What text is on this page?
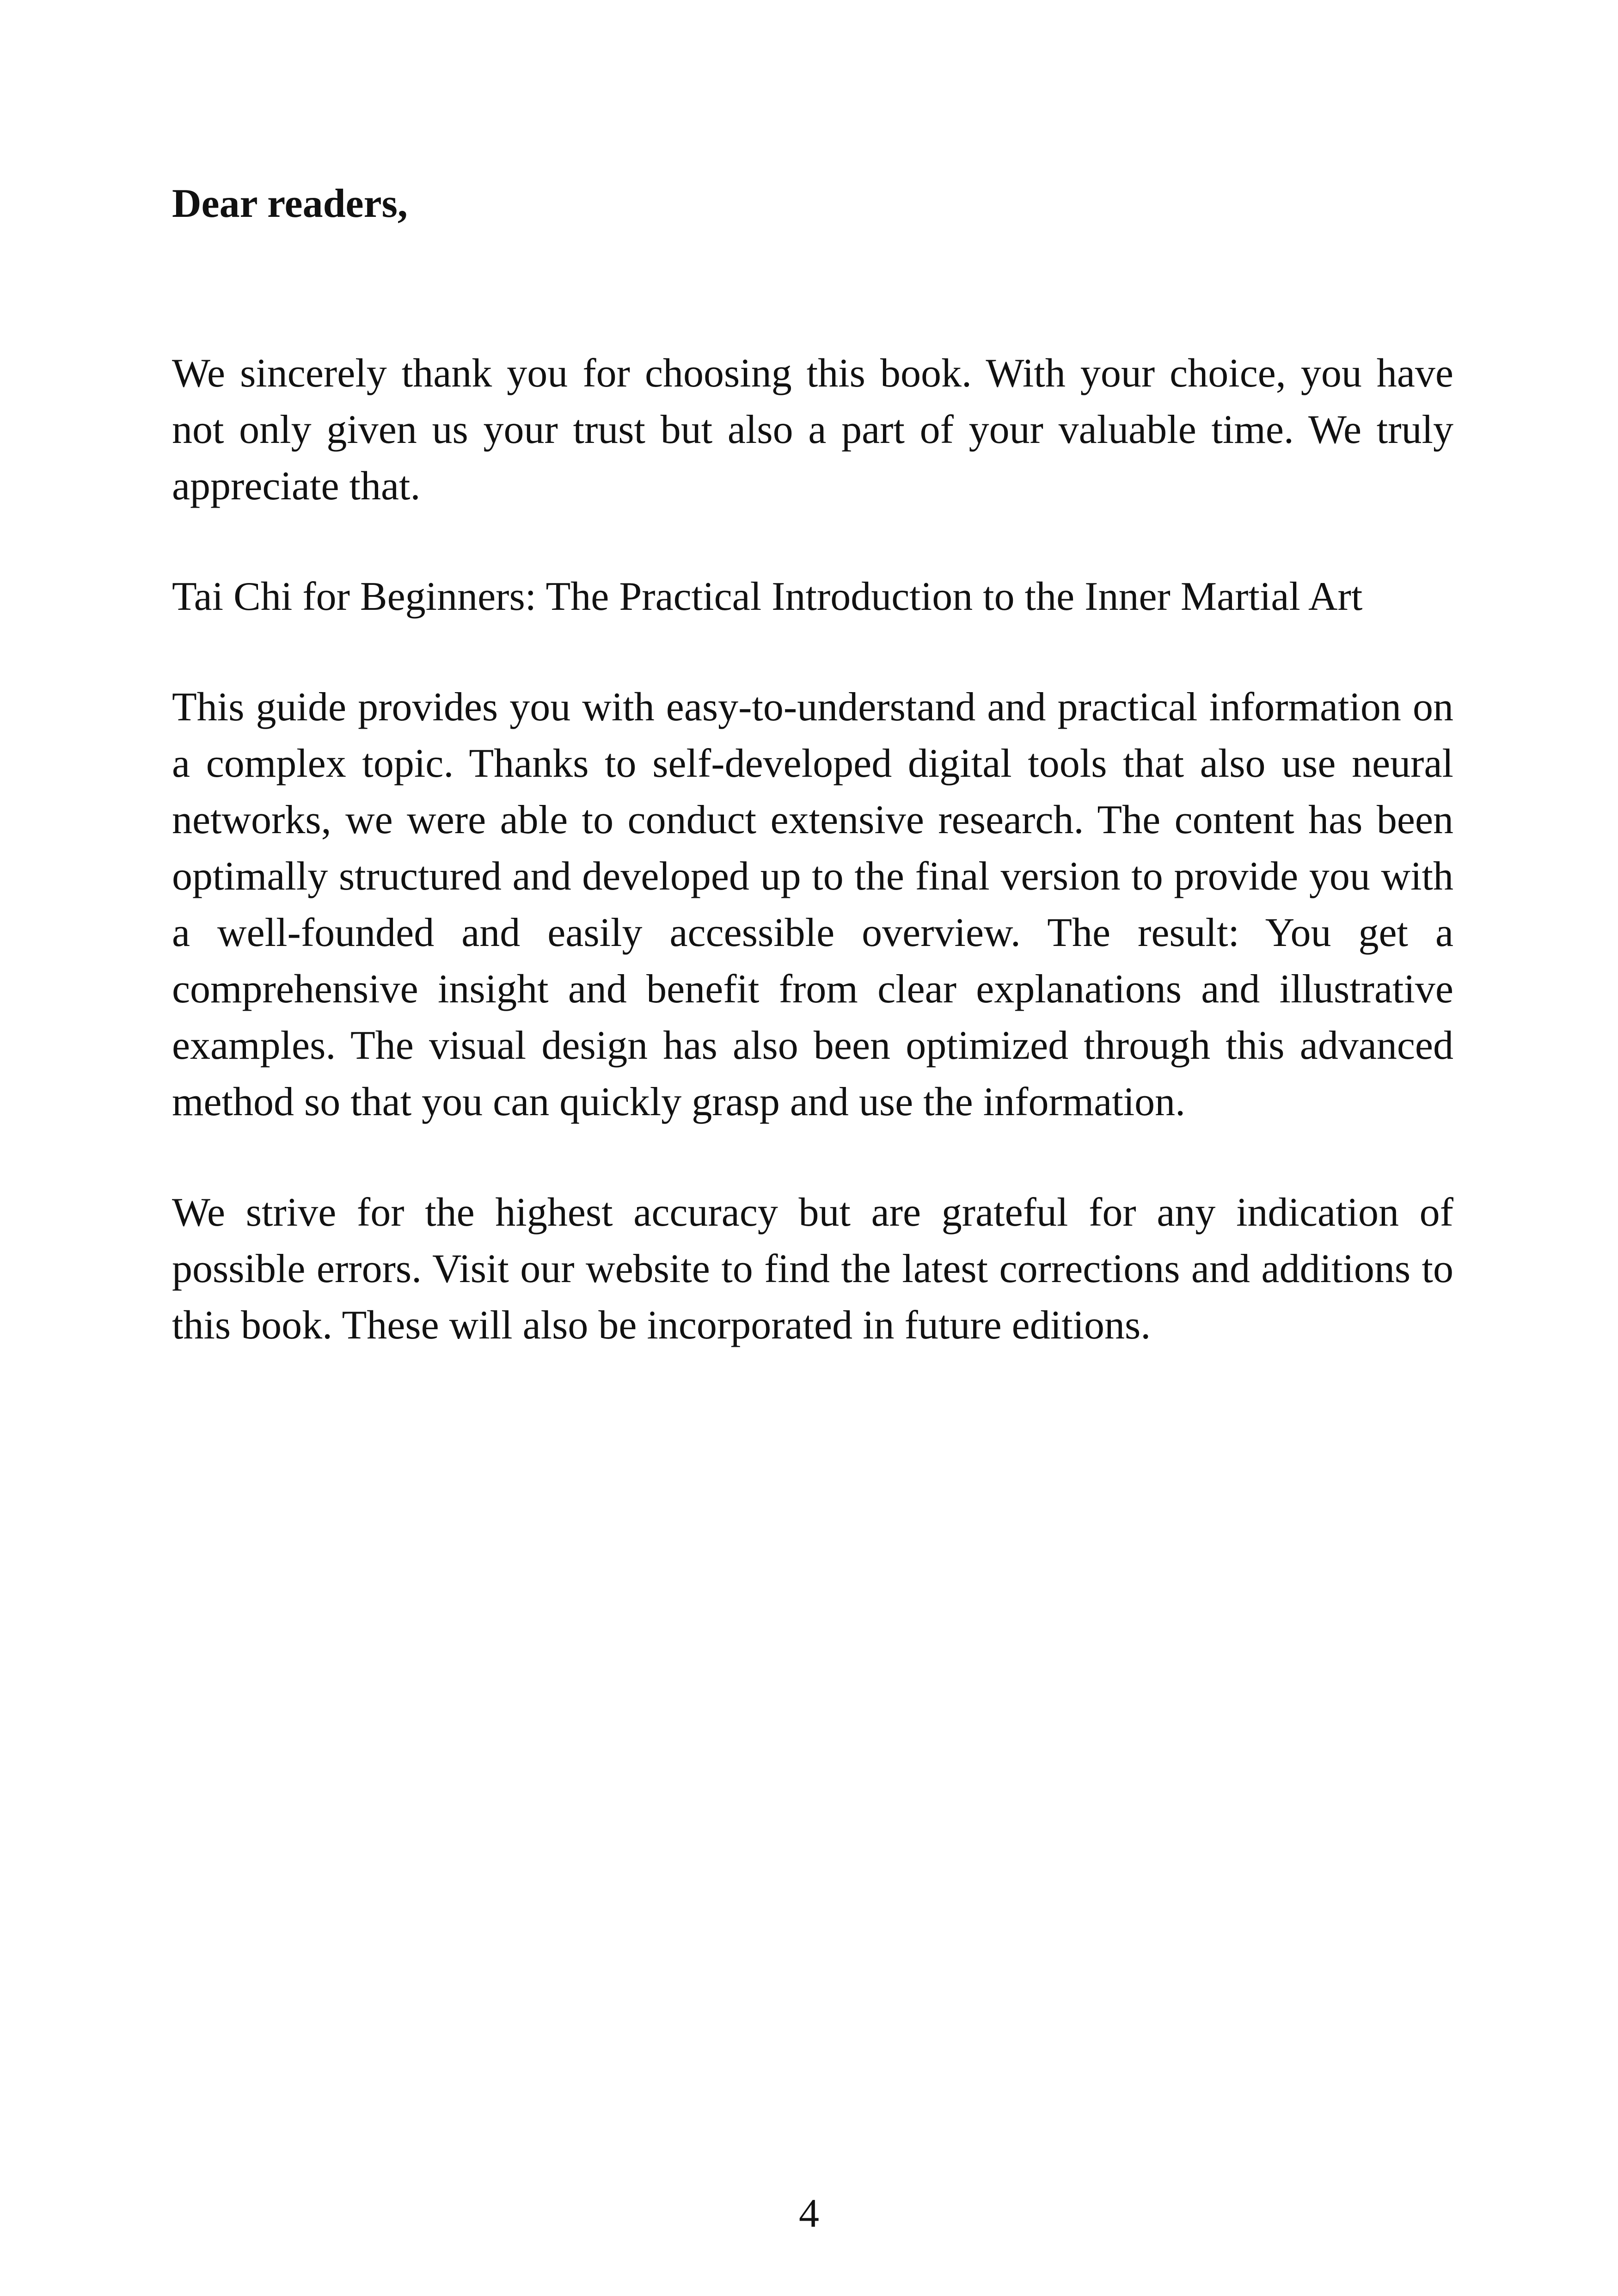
Dear readers,

We sincerely thank you for choosing this book. With your choice, you have not only given us your trust but also a part of your valuable time. We truly appreciate that.

Tai Chi for Beginners: The Practical Introduction to the Inner Martial Art

This guide provides you with easy-to-understand and practical information on a complex topic. Thanks to self-developed digital tools that also use neural networks, we were able to conduct extensive research. The content has been optimally structured and developed up to the final version to provide you with a well-founded and easily accessible overview. The result: You get a comprehensive insight and benefit from clear explanations and illustrative examples. The visual design has also been optimized through this advanced method so that you can quickly grasp and use the information.

We strive for the highest accuracy but are grateful for any indication of possible errors. Visit our website to find the latest corrections and additions to this book. These will also be incorporated in future editions.

4
